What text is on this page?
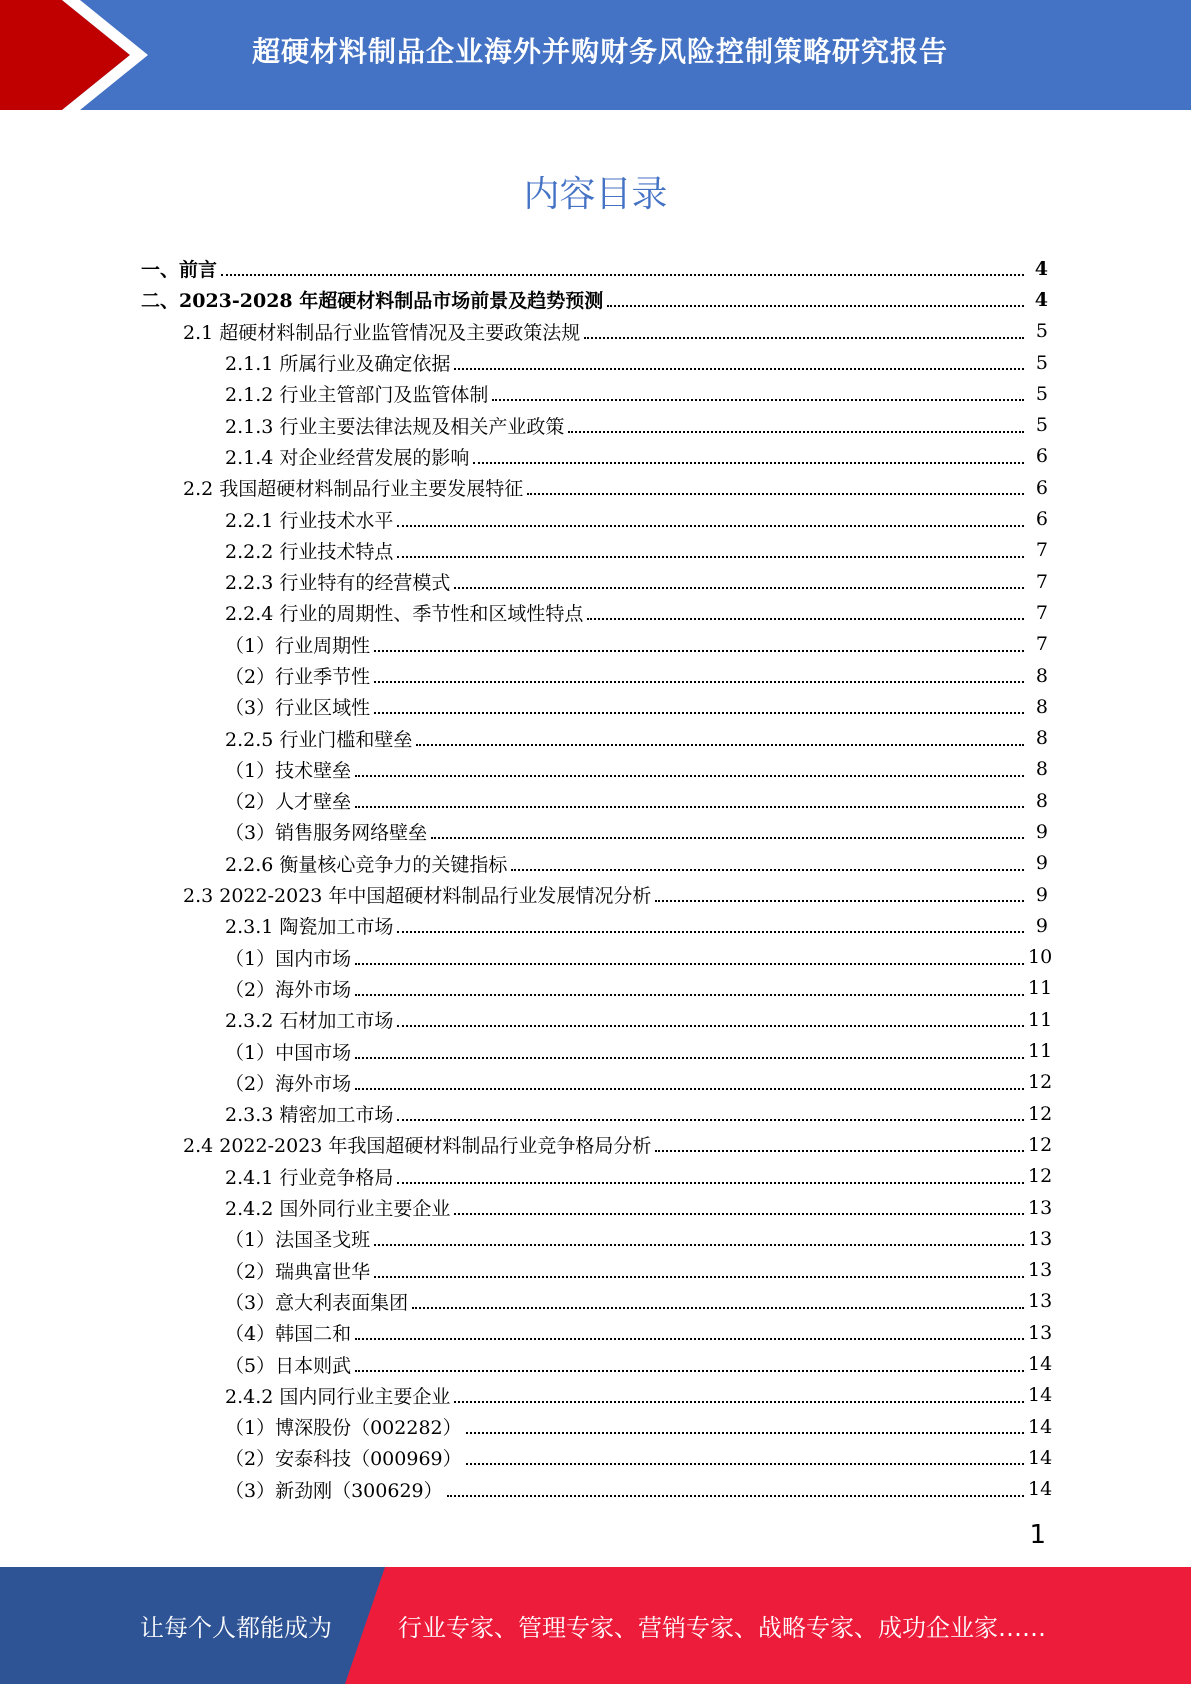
超硬材料制品企业海外并购财务风险控制策略研究报告
内容目录
一、前言	4
二、2023-2028 年超硬材料制品市场前景及趋势预测	4
2.1 超硬材料制品行业监管情况及主要政策法规	5
2.1.1 所属行业及确定依据	5
2.1.2 行业主管部门及监管体制	5
2.1.3 行业主要法律法规及相关产业政策	5
2.1.4 对企业经营发展的影响	6
2.2 我国超硬材料制品行业主要发展特征	6
2.2.1 行业技术水平	6
2.2.2 行业技术特点	7
2.2.3 行业特有的经营模式	7
2.2.4 行业的周期性、季节性和区域性特点	7
（1）行业周期性	7
（2）行业季节性	8
（3）行业区域性	8
2.2.5 行业门槛和壁垒	8
（1）技术壁垒	8
（2）人才壁垒	8
（3）销售服务网络壁垒	9
2.2.6 衡量核心竞争力的关键指标	9
2.3 2022-2023 年中国超硬材料制品行业发展情况分析	9
2.3.1 陶瓷加工市场	9
（1）国内市场	10
（2）海外市场	11
2.3.2 石材加工市场	11
（1）中国市场	11
（2）海外市场	12
2.3.3 精密加工市场	12
2.4 2022-2023 年我国超硬材料制品行业竞争格局分析	12
2.4.1 行业竞争格局	12
2.4.2 国外同行业主要企业	13
（1）法国圣戈班	13
（2）瑞典富世华	13
（3）意大利表面集团	13
（4）韩国二和	13
（5）日本则武	14
2.4.2 国内同行业主要企业	14
（1）博深股份（002282）	14
（2）安泰科技（000969）	14
（3）新劲刚（300629）	14
1
让每个人都能成为	行业专家、管理专家、营销专家、战略专家、成功企业家……
